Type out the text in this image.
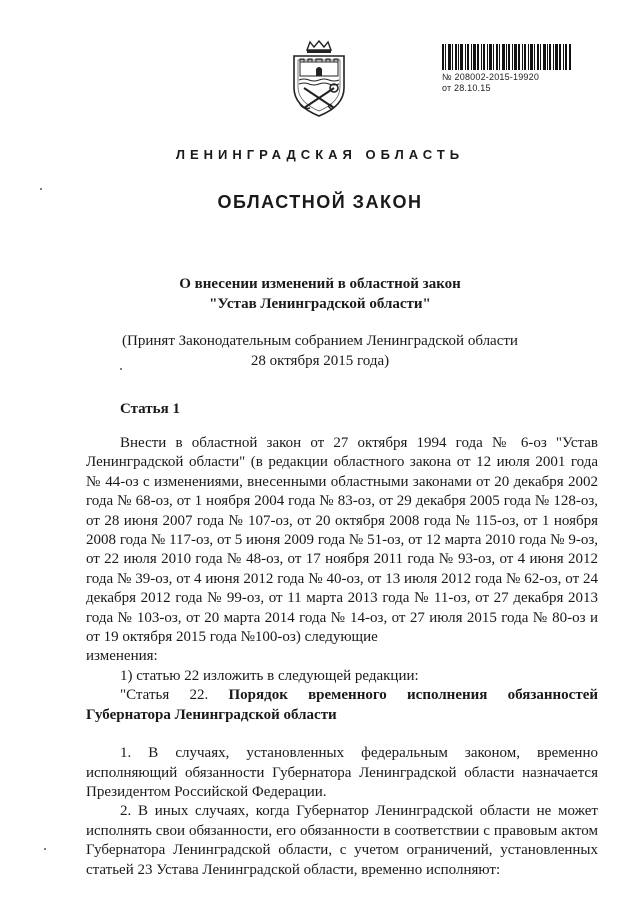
№ 208002-2015-19920
от 28.10.15
ЛЕНИНГРАДСКАЯ ОБЛАСТЬ
ОБЛАСТНОЙ ЗАКОН
О внесении изменений в областной закон
"Устав Ленинградской области"
(Принят Законодательным собранием Ленинградской области
28 октября 2015 года)
Статья 1

Внести в областной закон от 27 октября 1994 года № 6-оз "Устав Ленинградской области" (в редакции областного закона от 12 июля 2001 года № 44-оз с изменениями, внесенными областными законами от 20 декабря 2002 года № 68-оз, от 1 ноября 2004 года № 83-оз, от 29 декабря 2005 года № 128-оз, от 28 июня 2007 года № 107-оз, от 20 октября 2008 года № 115-оз, от 1 ноября 2008 года № 117-оз, от 5 июня 2009 года № 51-оз, от 12 марта 2010 года № 9-оз, от 22 июля 2010 года № 48-оз, от 17 ноября 2011 года № 93-оз, от 4 июня 2012 года № 39-оз, от 4 июня 2012 года № 40-оз, от 13 июля 2012 года № 62-оз, от 24 декабря 2012 года № 99-оз, от 11 марта 2013 года № 11-оз, от 27 декабря 2013 года № 103-оз, от 20 марта 2014 года № 14-оз, от 27 июля 2015 года № 80-оз и от 19 октября 2015 года №100-оз) следующие

изменения:

1) статью 22 изложить в следующей редакции:

"Статья 22. Порядок временного исполнения обязанностей Губернатора Ленинградской области

1. В случаях, установленных федеральным законом, временно исполняющий обязанности Губернатора Ленинградской области назначается Президентом Российской Федерации.

2. В иных случаях, когда Губернатор Ленинградской области не может исполнять свои обязанности, его обязанности в соответствии с правовым актом Губернатора Ленинградской области, с учетом ограничений, установленных статьей 23 Устава Ленинградской области, временно исполняют:
